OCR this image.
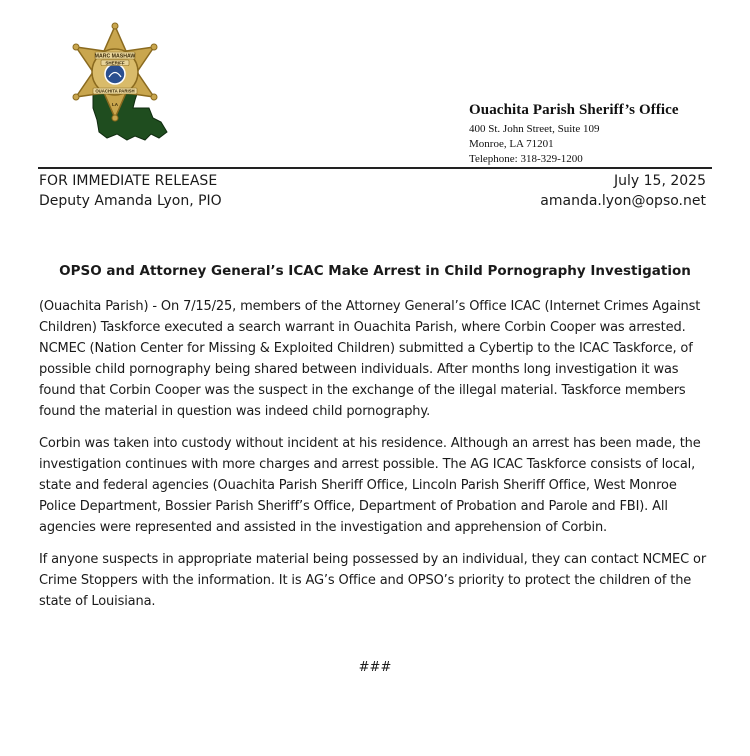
MARC MASHAW
SHERIFF
OUACHITA PARISH
LA	Ouachita Parish Sheriff’s Office
400 St. John Street, Suite 109
Monroe, LA 71201
Telephone: 318-329-1200
FOR IMMEDIATE RELEASE
Deputy Amanda Lyon, PIO
July 15, 2025
amanda.lyon@opso.net
OPSO and Attorney General’s ICAC Make Arrest in Child Pornography Investigation

(Ouachita Parish) - On 7/15/25, members of the Attorney General’s Office ICAC (Internet Crimes Against Children) Taskforce executed a search warrant in Ouachita Parish, where Corbin Cooper was arrested. NCMEC (Nation Center for Missing & Exploited Children) submitted a Cybertip to the ICAC Taskforce, of possible child pornography being shared between individuals. After months long investigation it was found that Corbin Cooper was the suspect in the exchange of the illegal material. Taskforce members found the material in question was indeed child pornography.

Corbin was taken into custody without incident at his residence. Although an arrest has been made, the investigation continues with more charges and arrest possible. The AG ICAC Taskforce consists of local, state and federal agencies (Ouachita Parish Sheriff Office, Lincoln Parish Sheriff Office, West Monroe Police Department, Bossier Parish Sheriff’s Office, Department of Probation and Parole and FBI). All agencies were represented and assisted in the investigation and apprehension of Corbin.

If anyone suspects in appropriate material being possessed by an individual, they can contact NCMEC or Crime Stoppers with the information. It is AG’s Office and OPSO’s priority to protect the children of the state of Louisiana.

###
